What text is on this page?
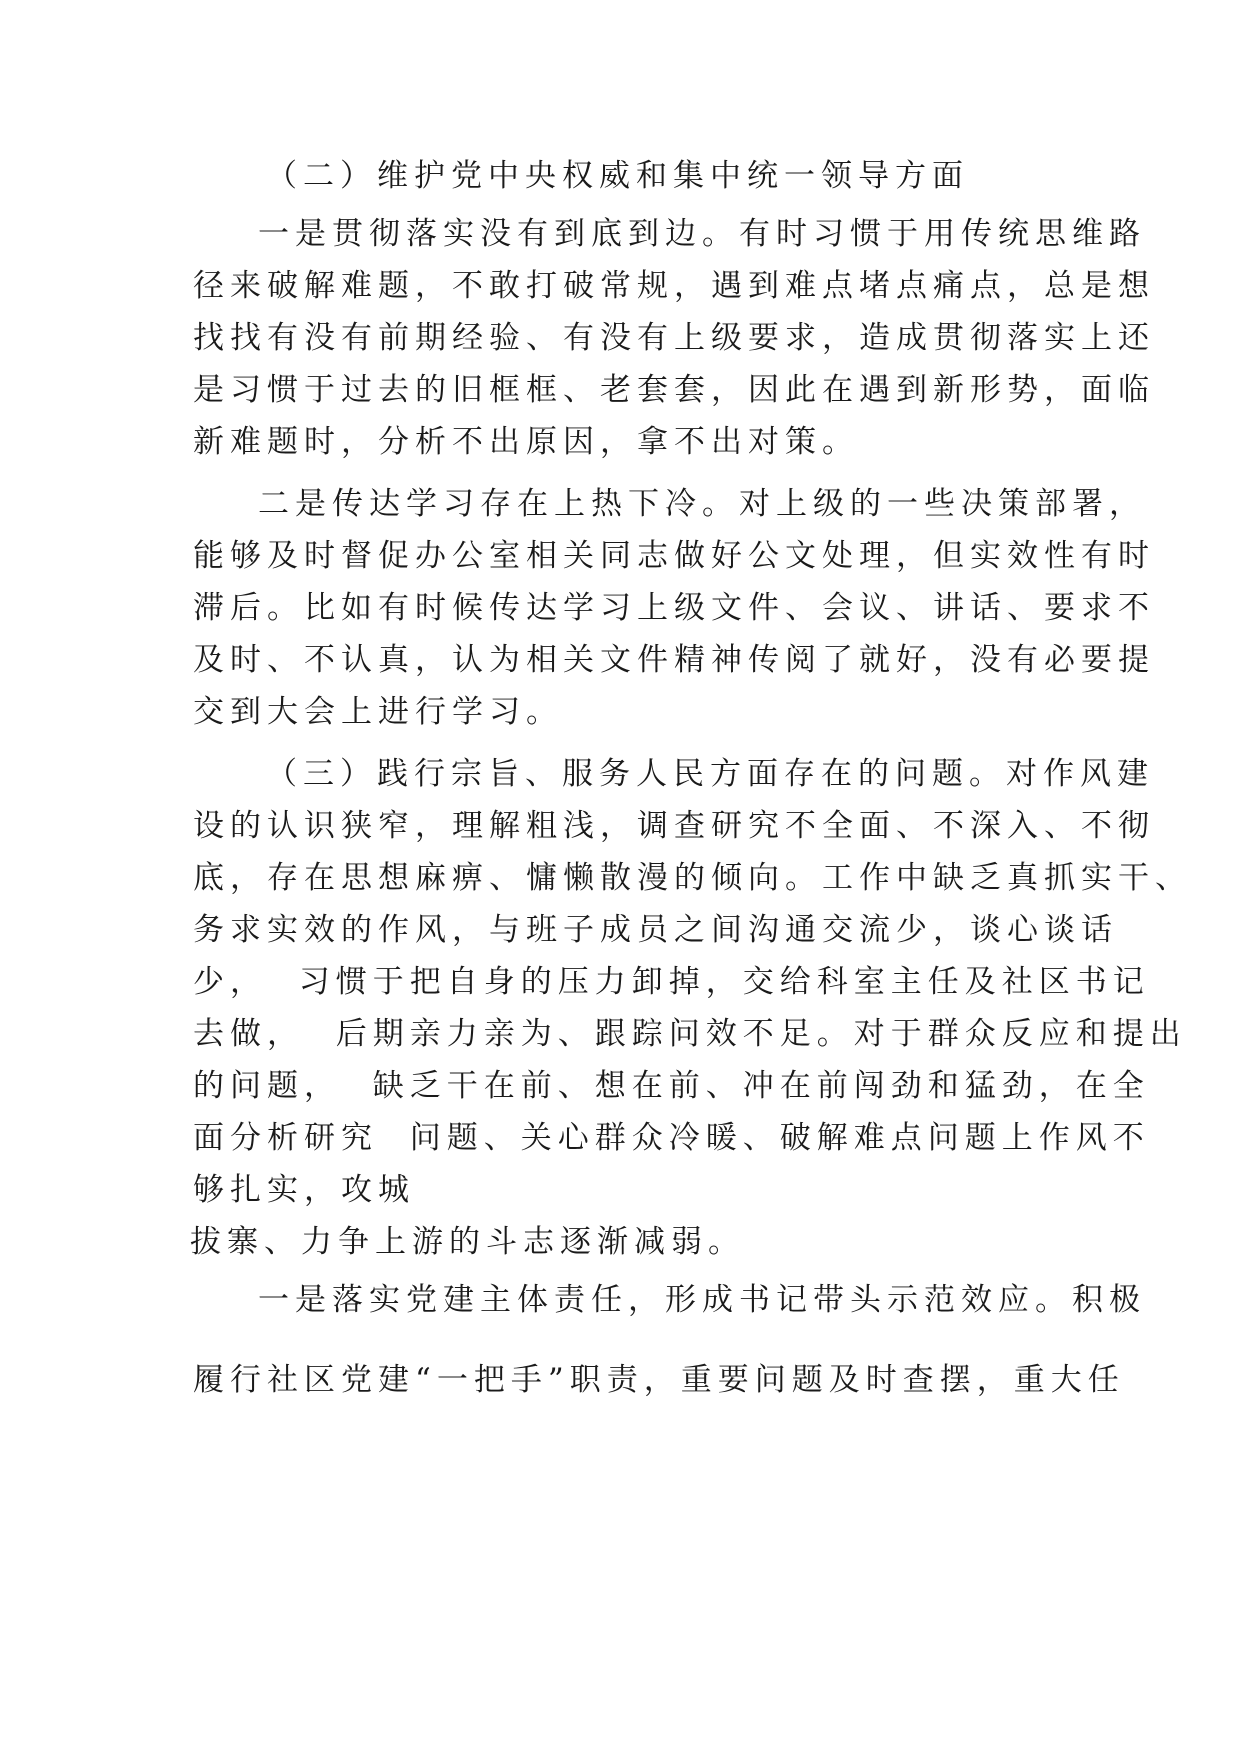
（二）维护党中央权威和集中统一领导方面
一是贯彻落实没有到底到边。有时习惯于用传统思维路
径来破解难题，不敢打破常规，遇到难点堵点痛点，总是想
找找有没有前期经验、有没有上级要求，造成贯彻落实上还
是习惯于过去的旧框框、老套套，因此在遇到新形势，面临
新难题时，分析不出原因，拿不出对策。
二是传达学习存在上热下冷。对上级的一些决策部署，
能够及时督促办公室相关同志做好公文处理，但实效性有时
滞后。比如有时候传达学习上级文件、会议、讲话、要求不
及时、不认真，认为相关文件精神传阅了就好，没有必要提
交到大会上进行学习。
（三）践行宗旨、服务人民方面存在的问题。对作风建
设的认识狭窄，理解粗浅，调查研究不全面、不深入、不彻
底，存在思想麻痹、慵懒散漫的倾向。工作中缺乏真抓实干、
务求实效的作风，与班子成员之间沟通交流少，谈心谈话
少，  习惯于把自身的压力卸掉，交给科室主任及社区书记
去做，  后期亲力亲为、跟踪问效不足。对于群众反应和提出
的问题，  缺乏干在前、想在前、冲在前闯劲和猛劲，在全
面分析研究  问题、关心群众冷暖、破解难点问题上作风不
够扎实，攻城
拔寨、力争上游的斗志逐渐减弱。
一是落实党建主体责任，形成书记带头示范效应。积极
履行社区党建“一把手”职责，重要问题及时查摆，重大任
